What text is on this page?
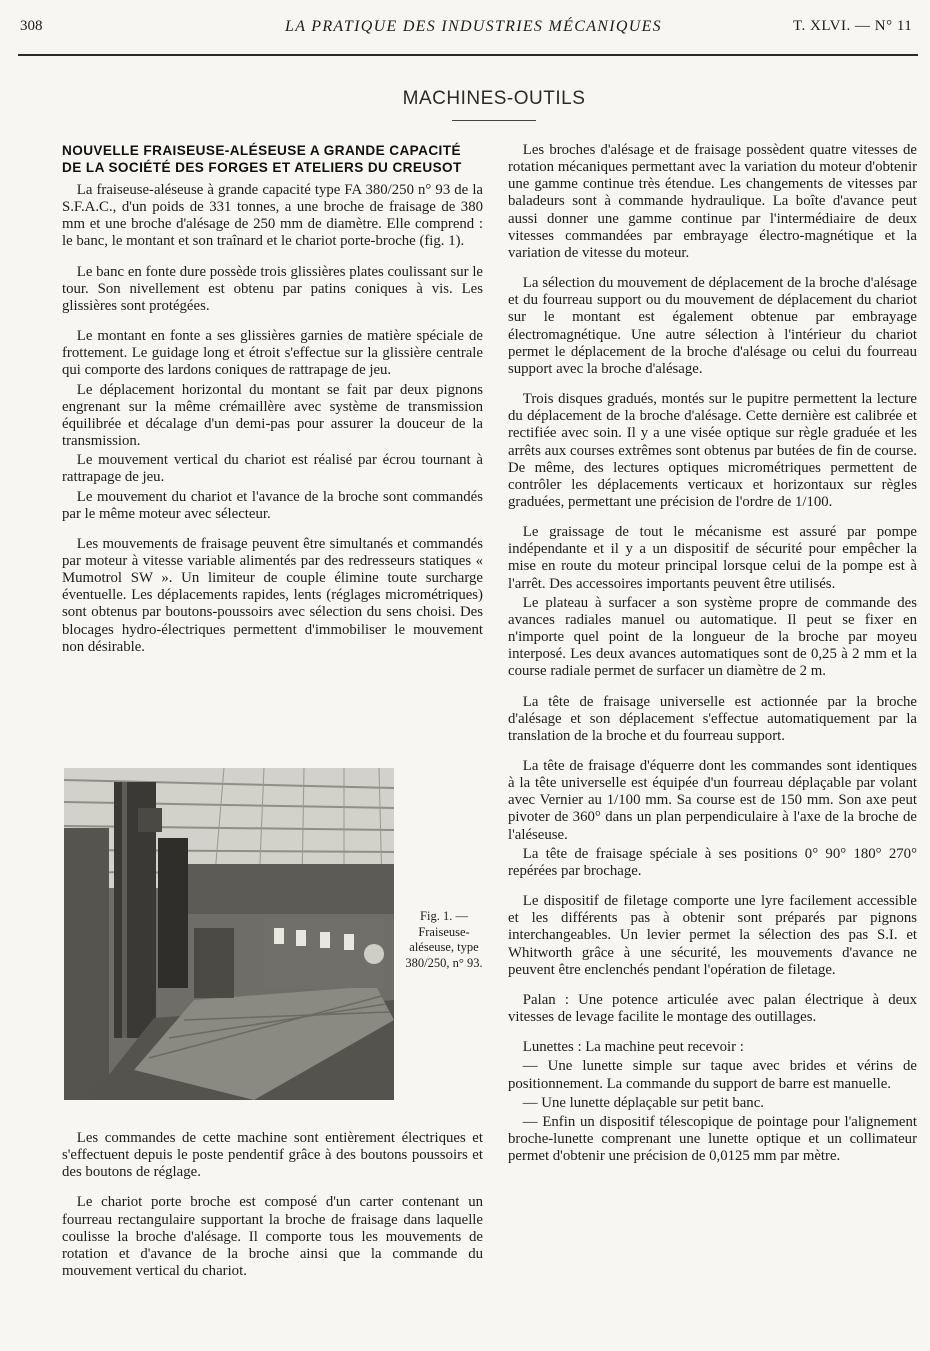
308	LA PRATIQUE DES INDUSTRIES MÉCANIQUES	T. XLVI. — N° 11
MACHINES-OUTILS
NOUVELLE FRAISEUSE-ALÉSEUSE A GRANDE CAPACITÉ
DE LA SOCIÉTÉ DES FORGES ET ATELIERS DU CREUSOT

La fraiseuse-aléseuse à grande capacité type FA 380/250 n° 93 de la S.F.A.C., d'un poids de 331 tonnes, a une broche de fraisage de 380 mm et une broche d'alésage de 250 mm de diamètre. Elle comprend : le banc, le montant et son traînard et le chariot porte-broche (fig. 1).

Le banc en fonte dure possède trois glissières plates coulissant sur le tour. Son nivellement est obtenu par patins coniques à vis. Les glissières sont protégées.

Le montant en fonte a ses glissières garnies de matière spéciale de frottement. Le guidage long et étroit s'effectue sur la glissière centrale qui comporte des lardons coniques de rattrapage de jeu.

Le déplacement horizontal du montant se fait par deux pignons engrenant sur la même crémaillère avec système de transmission équilibrée et décalage d'un demi-pas pour assurer la douceur de la transmission.

Le mouvement vertical du chariot est réalisé par écrou tournant à rattrapage de jeu.

Le mouvement du chariot et l'avance de la broche sont commandés par le même moteur avec sélecteur.

Les mouvements de fraisage peuvent être simultanés et commandés par moteur à vitesse variable alimentés par des redresseurs statiques « Mumotrol SW ». Un limiteur de couple élimine toute surcharge éventuelle. Les déplacements rapides, lents (réglages micrométriques) sont obtenus par boutons-poussoirs avec sélection du sens choisi. Des blocages hydro-électriques permettent d'immobiliser le mouvement non désirable.

Fig. 1. — Fraiseuse-aléseuse, type 380/250, n° 93.

Les commandes de cette machine sont entièrement électriques et s'effectuent depuis le poste pendentif grâce à des boutons poussoirs et des boutons de réglage.

Le chariot porte broche est composé d'un carter contenant un fourreau rectangulaire supportant la broche de fraisage dans laquelle coulisse la broche d'alésage. Il comporte tous les mouvements de rotation et d'avance de la broche ainsi que la commande du mouvement vertical du chariot.

Les broches d'alésage et de fraisage possèdent quatre vitesses de rotation mécaniques permettant avec la variation du moteur d'obtenir une gamme continue très étendue. Les changements de vitesses par baladeurs sont à commande hydraulique. La boîte d'avance peut aussi donner une gamme continue par l'intermédiaire de deux vitesses commandées par embrayage électro-magnétique et la variation de vitesse du moteur.

La sélection du mouvement de déplacement de la broche d'alésage et du fourreau support ou du mouvement de déplacement du chariot sur le montant est également obtenue par embrayage électromagnétique. Une autre sélection à l'intérieur du chariot permet le déplacement de la broche d'alésage ou celui du fourreau support avec la broche d'alésage.

Trois disques gradués, montés sur le pupitre permettent la lecture du déplacement de la broche d'alésage. Cette dernière est calibrée et rectifiée avec soin. Il y a une visée optique sur règle graduée et les arrêts aux courses extrêmes sont obtenus par butées de fin de course. De même, des lectures optiques micrométriques permettent de contrôler les déplacements verticaux et horizontaux sur règles graduées, permettant une précision de l'ordre de 1/100.

Le graissage de tout le mécanisme est assuré par pompe indépendante et il y a un dispositif de sécurité pour empêcher la mise en route du moteur principal lorsque celui de la pompe est à l'arrêt. Des accessoires importants peuvent être utilisés.

Le plateau à surfacer a son système propre de commande des avances radiales manuel ou automatique. Il peut se fixer en n'importe quel point de la longueur de la broche par moyeu interposé. Les deux avances automatiques sont de 0,25 à 2 mm et la course radiale permet de surfacer un diamètre de 2 m.

La tête de fraisage universelle est actionnée par la broche d'alésage et son déplacement s'effectue automatiquement par la translation de la broche et du fourreau support.

La tête de fraisage d'équerre dont les commandes sont identiques à la tête universelle est équipée d'un fourreau déplaçable par volant avec Vernier au 1/100 mm. Sa course est de 150 mm. Son axe peut pivoter de 360° dans un plan perpendiculaire à l'axe de la broche de l'aléseuse.

La tête de fraisage spéciale à ses positions 0° 90° 180° 270° repérées par brochage.

Le dispositif de filetage comporte une lyre facilement accessible et les différents pas à obtenir sont préparés par pignons interchangeables. Un levier permet la sélection des pas S.I. et Whitworth grâce à une sécurité, les mouvements d'avance ne peuvent être enclenchés pendant l'opération de filetage.

Palan : Une potence articulée avec palan électrique à deux vitesses de levage facilite le montage des outillages.

Lunettes : La machine peut recevoir :

— Une lunette simple sur taque avec brides et vérins de positionnement. La commande du support de barre est manuelle.

— Une lunette déplaçable sur petit banc.

— Enfin un dispositif télescopique de pointage pour l'alignement broche-lunette comprenant une lunette optique et un collimateur permet d'obtenir une précision de 0,0125 mm par mètre.
